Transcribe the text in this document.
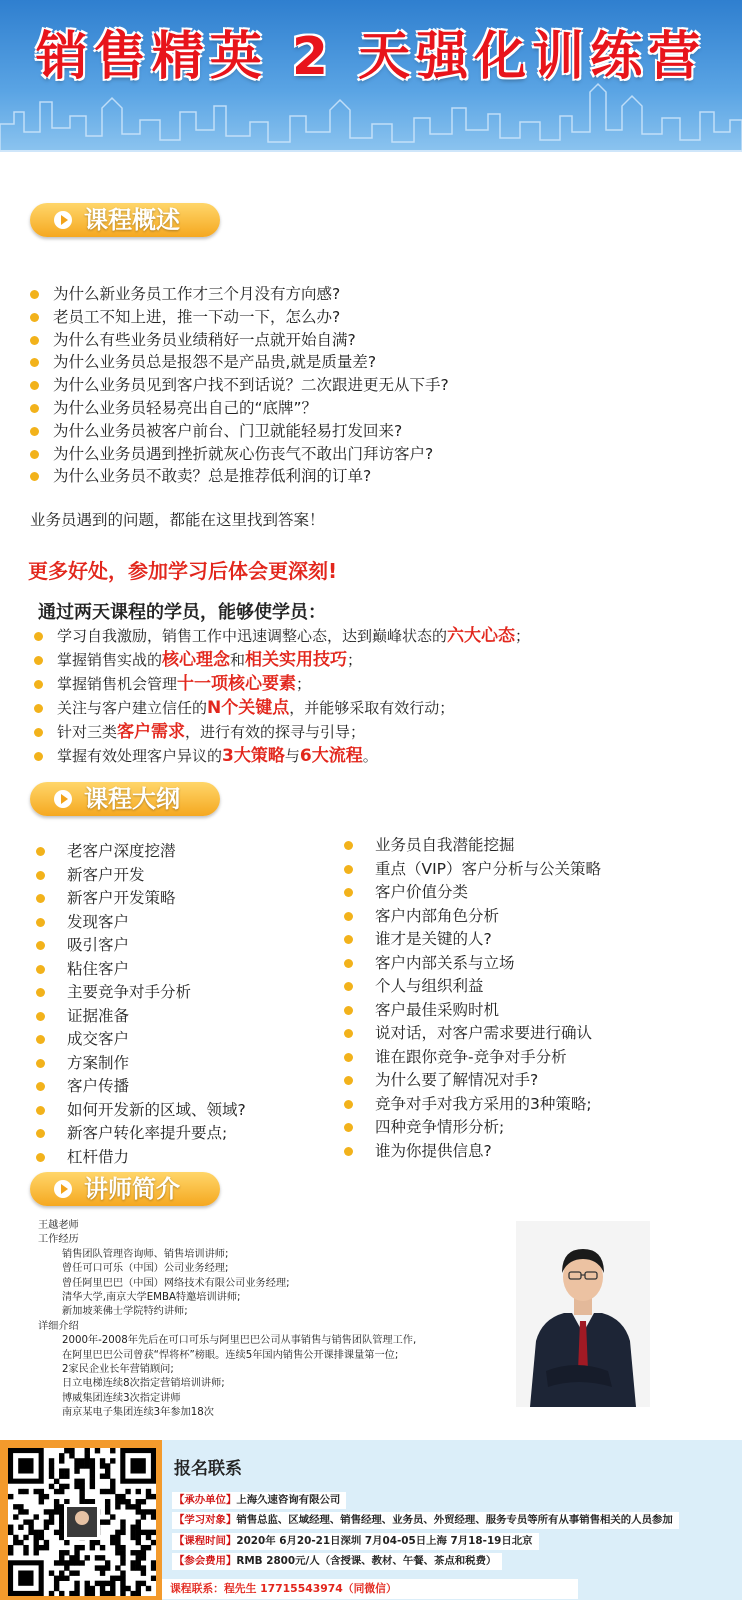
销售精英 2 天强化训练营
课程概述
为什么新业务员工作才三个月没有方向感?
老员工不知上进，推一下动一下，怎么办?
为什么有些业务员业绩稍好一点就开始自满?
为什么业务员总是报怨不是产品贵,就是质量差?
为什么业务员见到客户找不到话说？二次跟进更无从下手?
为什么业务员轻易亮出自己的“底牌”？
为什么业务员被客户前台、门卫就能轻易打发回来?
为什么业务员遇到挫折就灰心伤丧气不敢出门拜访客户?
为什么业务员不敢卖？总是推荐低利润的订单?
业务员遇到的问题，都能在这里找到答案！
更多好处，参加学习后体会更深刻!
通过两天课程的学员，能够使学员：
学习自我激励，销售工作中迅速调整心态，达到巅峰状态的六大心态；
掌握销售实战的核心理念和相关实用技巧；
掌握销售机会管理十一项核心要素；
关注与客户建立信任的N个关键点，并能够采取有效行动；
针对三类客户需求，进行有效的探寻与引导；
掌握有效处理客户异议的3大策略与6大流程。
课程大纲
老客户深度挖潜
新客户开发
新客户开发策略
发现客户
吸引客户
粘住客户
主要竞争对手分析
证据准备
成交客户
方案制作
客户传播
如何开发新的区域、领域?
新客户转化率提升要点;
杠杆借力
业务员自我潜能挖掘
重点（VIP）客户分析与公关策略
客户价值分类
客户内部角色分析
谁才是关键的人?
客户内部关系与立场
个人与组织利益
客户最佳采购时机
说对话，对客户需求要进行确认
谁在跟你竞争-竞争对手分析
为什么要了解情况对手?
竞争对手对我方采用的3种策略;
四种竞争情形分析;
谁为你提供信息?
讲师简介
王越老师
工作经历
销售团队管理咨询师、销售培训讲师;
曾任可口可乐（中国）公司业务经理;
曾任阿里巴巴（中国）网络技术有限公司业务经理;
清华大学,南京大学EMBA特邀培训讲师;
新加坡莱佛士学院特约讲师;
详细介绍
2000年-2008年先后在可口可乐与阿里巴巴公司从事销售与销售团队管理工作,
在阿里巴巴公司曾获“悍将杯”榜眼。连续5年国内销售公开课排课量第一位;
2家民企业长年营销顾问;
日立电梯连续8次指定营销培训讲师;
博威集团连续3次指定讲师
南京某电子集团连续3年参加18次
报名联系
【承办单位】上海久速咨询有限公司
【学习对象】销售总监、区域经理、销售经理、业务员、外贸经理、服务专员等所有从事销售相关的人员参加
【课程时间】2020年 6月20-21日深圳 7月04-05日上海 7月18-19日北京
【参会费用】RMB 2800元/人（含授课、教材、午餐、茶点和税费）
课程联系：程先生 17715543974（同微信）
